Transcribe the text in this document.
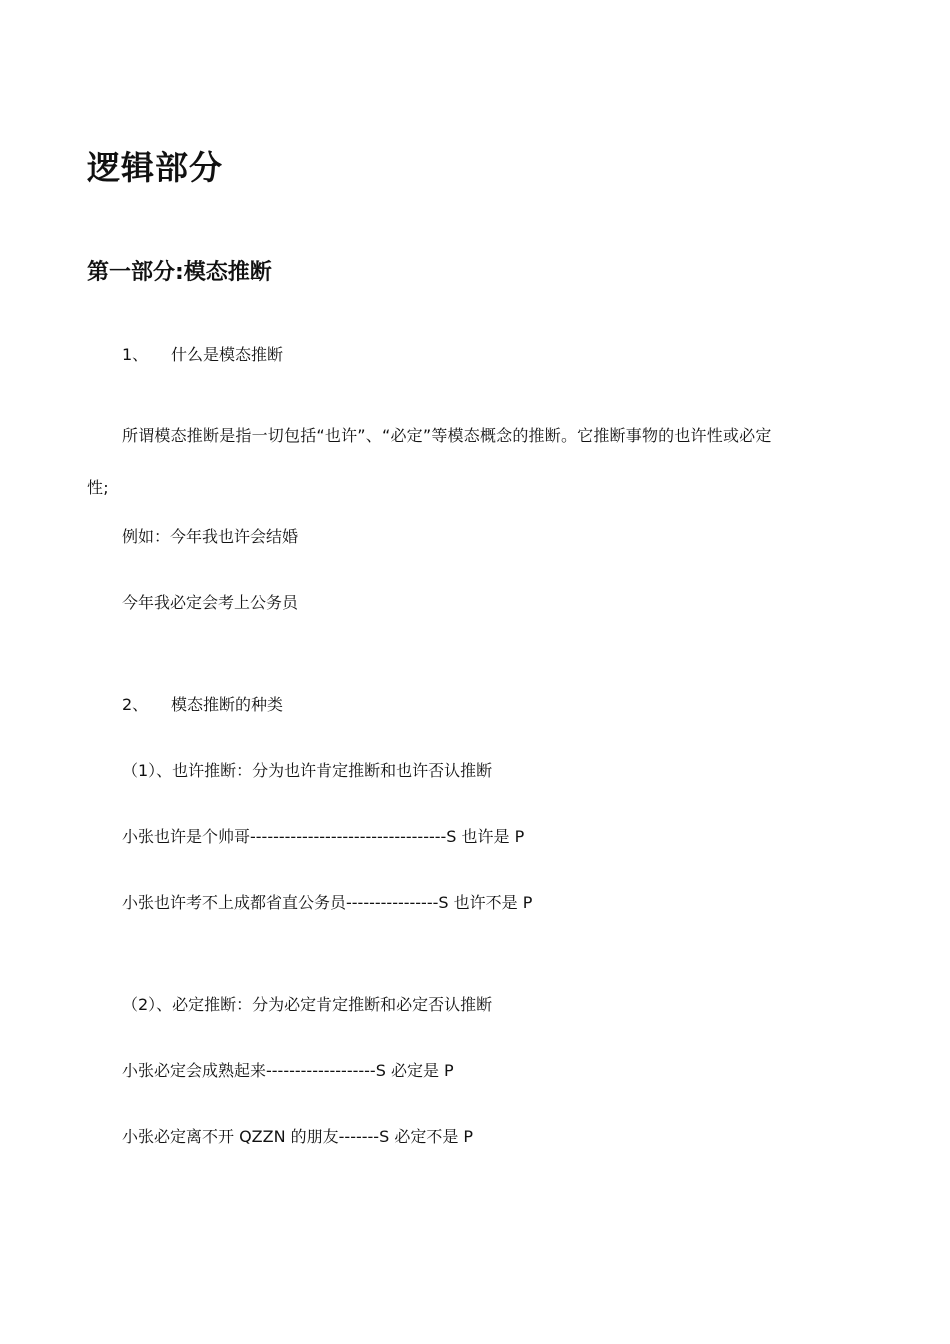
逻辑部分
第一部分:模态推断
1、 什么是模态推断
所谓模态推断是指一切包括“也许”、“必定”等模态概念的推断。它推断事物的也许性或必定
性;
例如：今年我也许会结婚
今年我必定会考上公务员
2、 模态推断的种类
（1）、也许推断：分为也许肯定推断和也许否认推断
小张也许是个帅哥----------------------------------S 也许是 P
小张也许考不上成都省直公务员----------------S 也许不是 P
（2）、必定推断：分为必定肯定推断和必定否认推断
小张必定会成熟起来-------------------S 必定是 P
小张必定离不开 QZZN 的朋友-------S 必定不是 P
